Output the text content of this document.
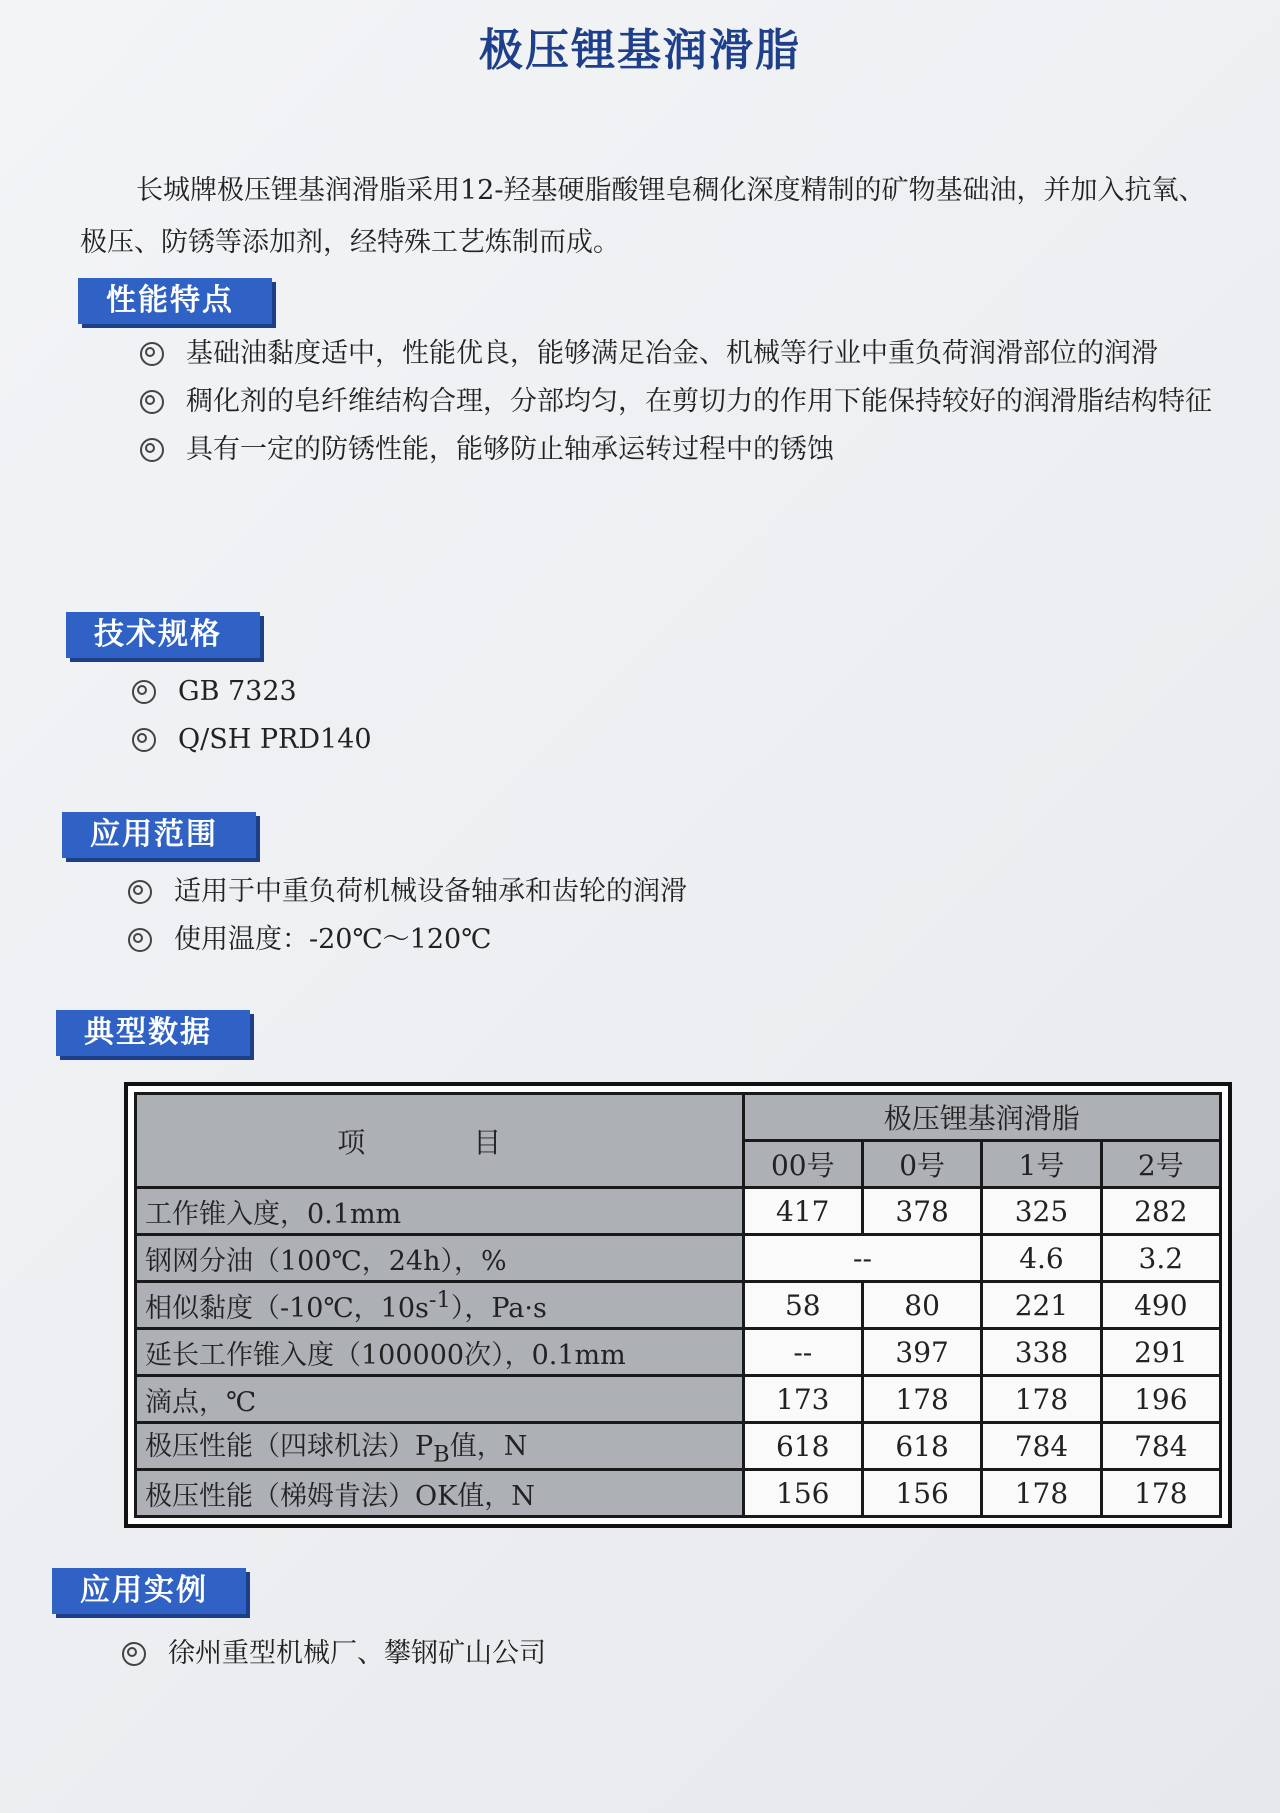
极压锂基润滑脂

长城牌极压锂基润滑脂采用12-羟基硬脂酸锂皂稠化深度精制的矿物基础油，并加入抗氧、极压、防锈等添加剂，经特殊工艺炼制而成。

性能特点
基础油黏度适中，性能优良，能够满足冶金、机械等行业中重负荷润滑部位的润滑
稠化剂的皂纤维结构合理，分部均匀，在剪切力的作用下能保持较好的润滑脂结构特征
具有一定的防锈性能，能够防止轴承运转过程中的锈蚀
技术规格
GB 7323
Q/SH PRD140
应用范围
适用于中重负荷机械设备轴承和齿轮的润滑
使用温度：-20℃～120℃
典型数据
项　目	极压锂基润滑脂			
	00号	0号	1号	2号
工作锥入度，0.1mm	417	378	325	282
钢网分油（100℃，24h），%	--		4.6	3.2
相似黏度（-10℃，$10s^{-1}$），Pa·s	58	80	221	490
延长工作锥入度（100000次），0.1mm	--	397	338	291
滴点，℃	173	178	178	196
极压性能（四球机法）$P_B$值，N	618	618	784	784
极压性能（梯姆肯法）OK值，N	156	156	178	178
应用实例
徐州重型机械厂、攀钢矿山公司
